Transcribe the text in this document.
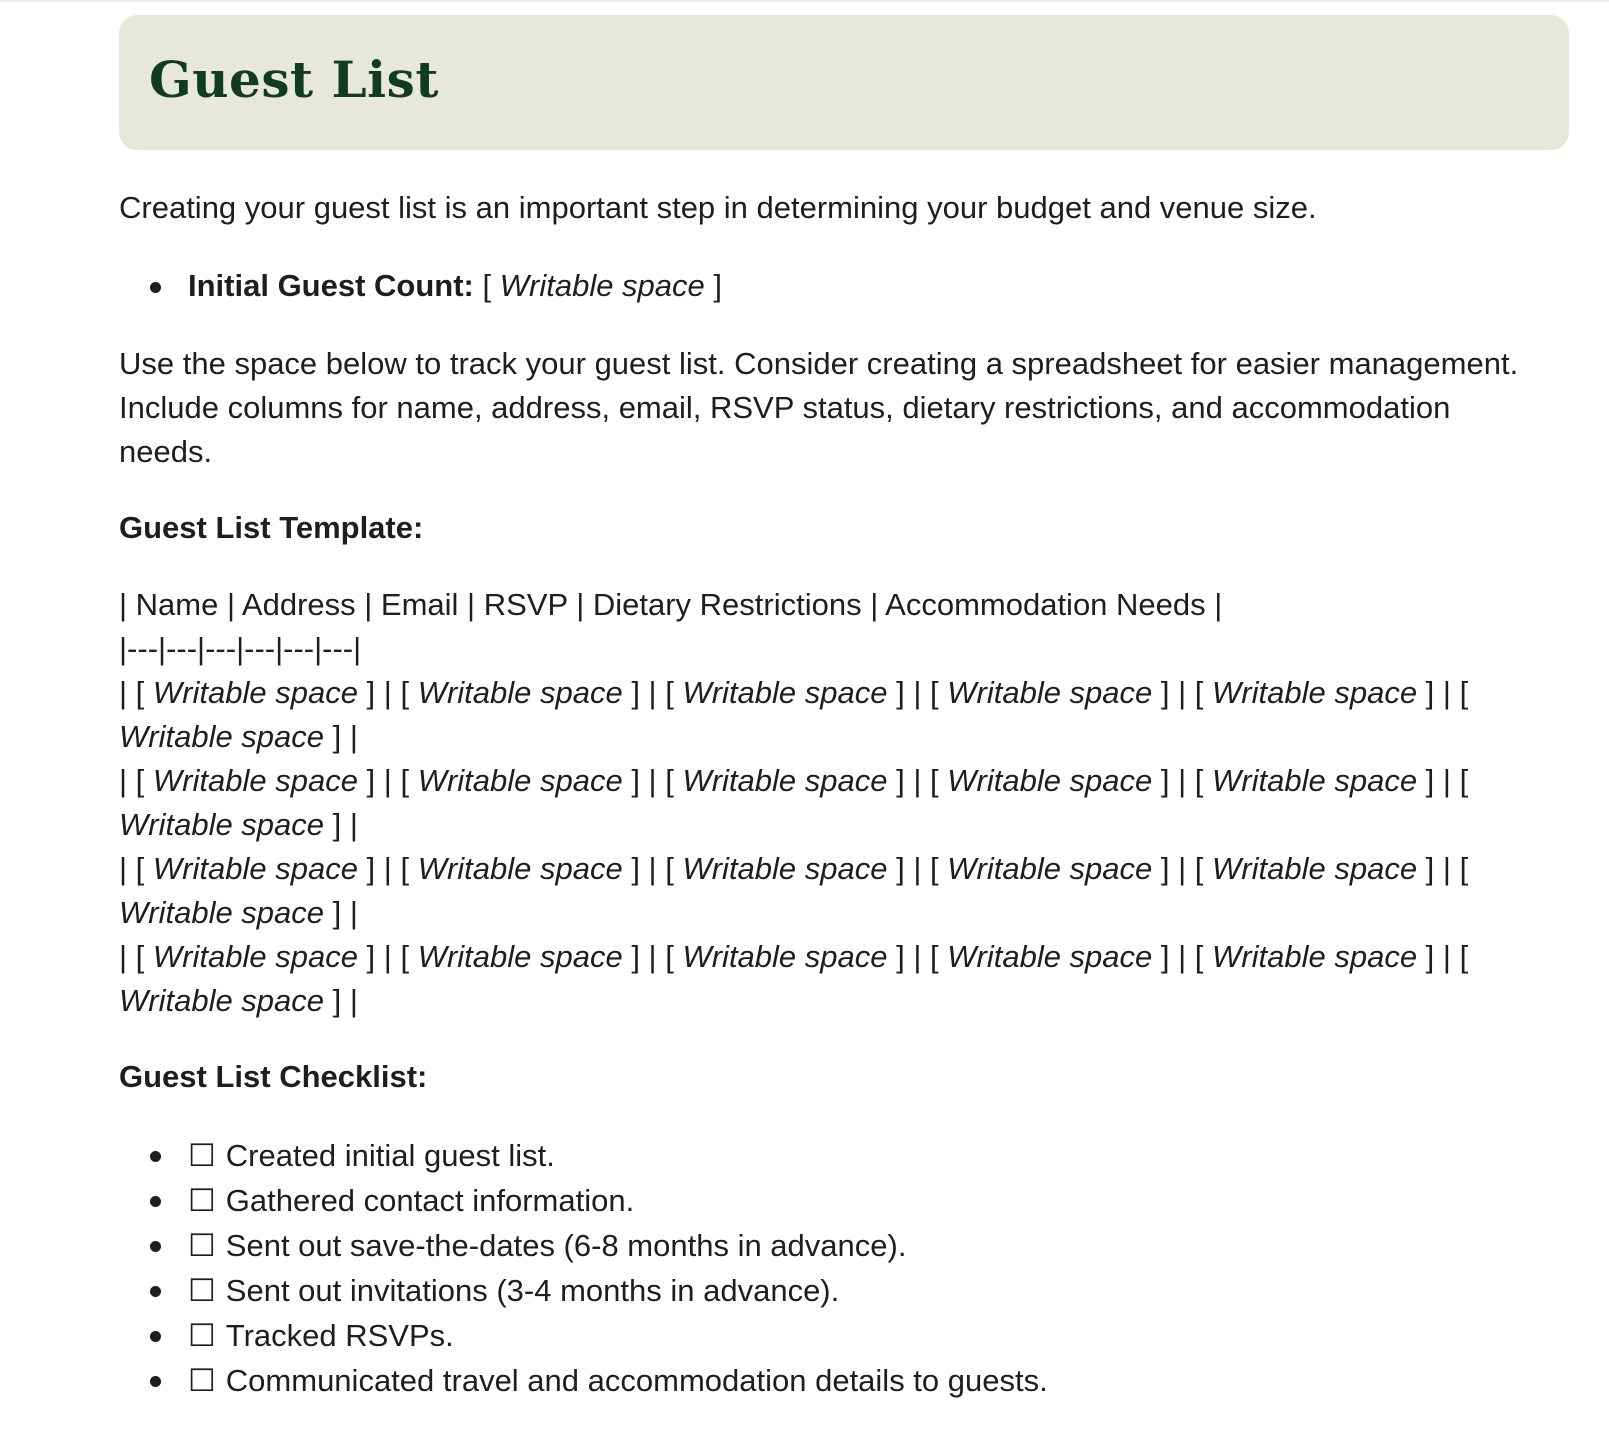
Guest List

Creating your guest list is an important step in determining your budget and venue size.

Initial Guest Count: [ Writable space ]

Use the space below to track your guest list. Consider creating a spreadsheet for easier management. Include columns for name, address, email, RSVP status, dietary restrictions, and accommodation needs.

Guest List Template:

| Name | Address | Email | RSVP | Dietary Restrictions | Accommodation Needs |
|---|---|---|---|---|---|
| [ Writable space ] | [ Writable space ] | [ Writable space ] | [ Writable space ] | [ Writable space ] | [ Writable space ] |
| [ Writable space ] | [ Writable space ] | [ Writable space ] | [ Writable space ] | [ Writable space ] | [ Writable space ] |
| [ Writable space ] | [ Writable space ] | [ Writable space ] | [ Writable space ] | [ Writable space ] | [ Writable space ] |
| [ Writable space ] | [ Writable space ] | [ Writable space ] | [ Writable space ] | [ Writable space ] | [ Writable space ] |

Guest List Checklist:

☐ Created initial guest list.
☐ Gathered contact information.
☐ Sent out save-the-dates (6-8 months in advance).
☐ Sent out invitations (3-4 months in advance).
☐ Tracked RSVPs.
☐ Communicated travel and accommodation details to guests.
